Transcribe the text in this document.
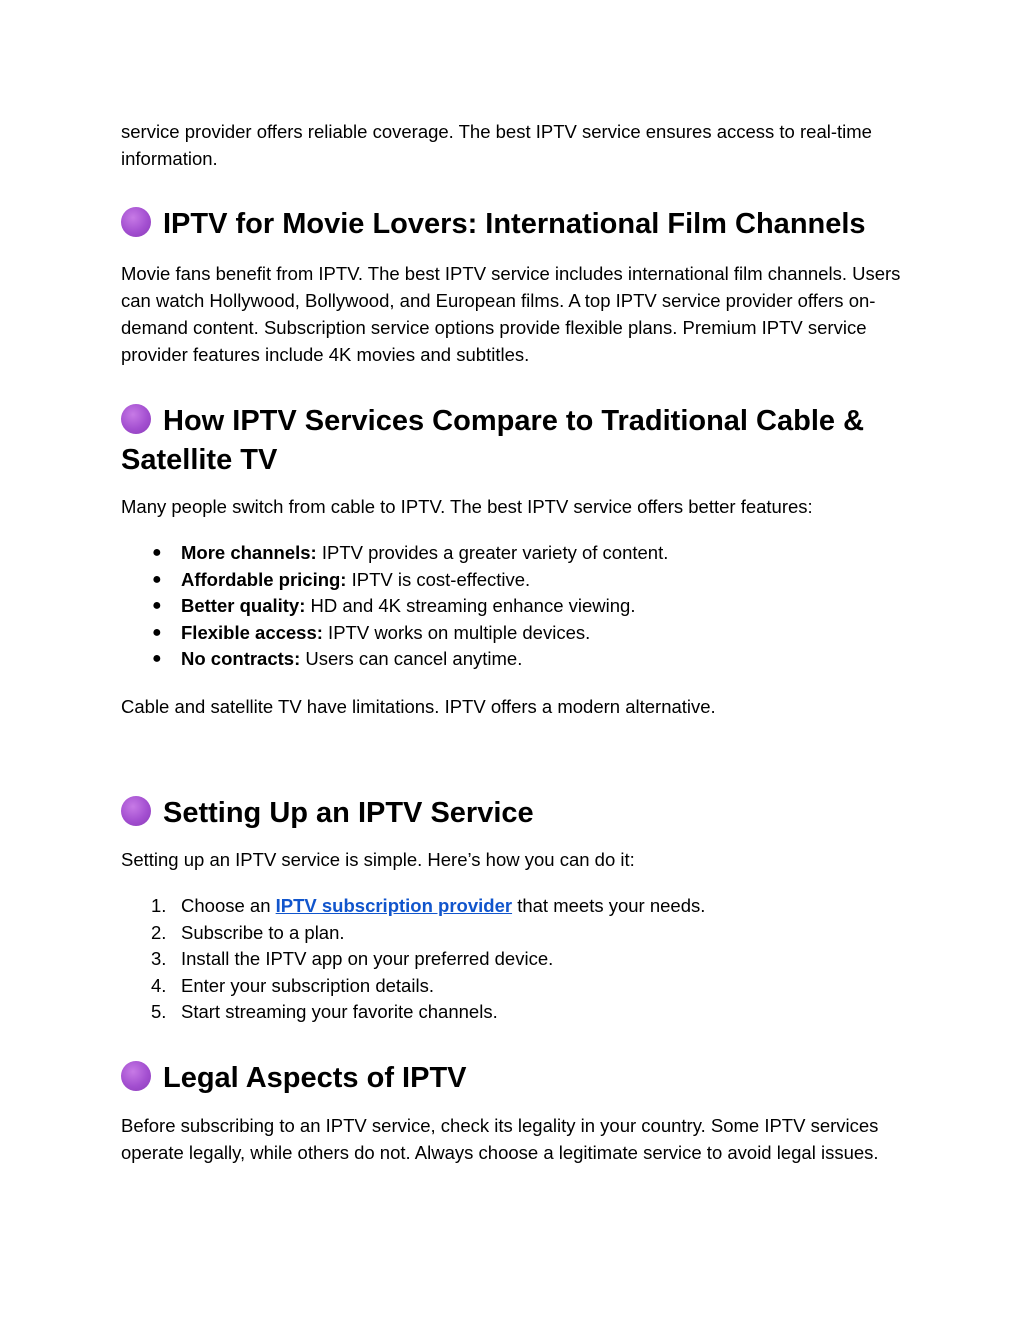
service provider offers reliable coverage. The best IPTV service ensures access to real-time information.

IPTV for Movie Lovers: International Film Channels

Movie fans benefit from IPTV. The best IPTV service includes international film channels. Users can watch Hollywood, Bollywood, and European films. A top IPTV service provider offers on-demand content. Subscription service options provide flexible plans. Premium IPTV service provider features include 4K movies and subtitles.

How IPTV Services Compare to Traditional Cable & Satellite TV

Many people switch from cable to IPTV. The best IPTV service offers better features:

● More channels: IPTV provides a greater variety of content.
● Affordable pricing: IPTV is cost-effective.
● Better quality: HD and 4K streaming enhance viewing.
● Flexible access: IPTV works on multiple devices.
● No contracts: Users can cancel anytime.

Cable and satellite TV have limitations. IPTV offers a modern alternative.

Setting Up an IPTV Service

Setting up an IPTV service is simple. Here’s how you can do it:

1. Choose an IPTV subscription provider that meets your needs.
2. Subscribe to a plan.
3. Install the IPTV app on your preferred device.
4. Enter your subscription details.
5. Start streaming your favorite channels.
Legal Aspects of IPTV

Before subscribing to an IPTV service, check its legality in your country. Some IPTV services operate legally, while others do not. Always choose a legitimate service to avoid legal issues.
